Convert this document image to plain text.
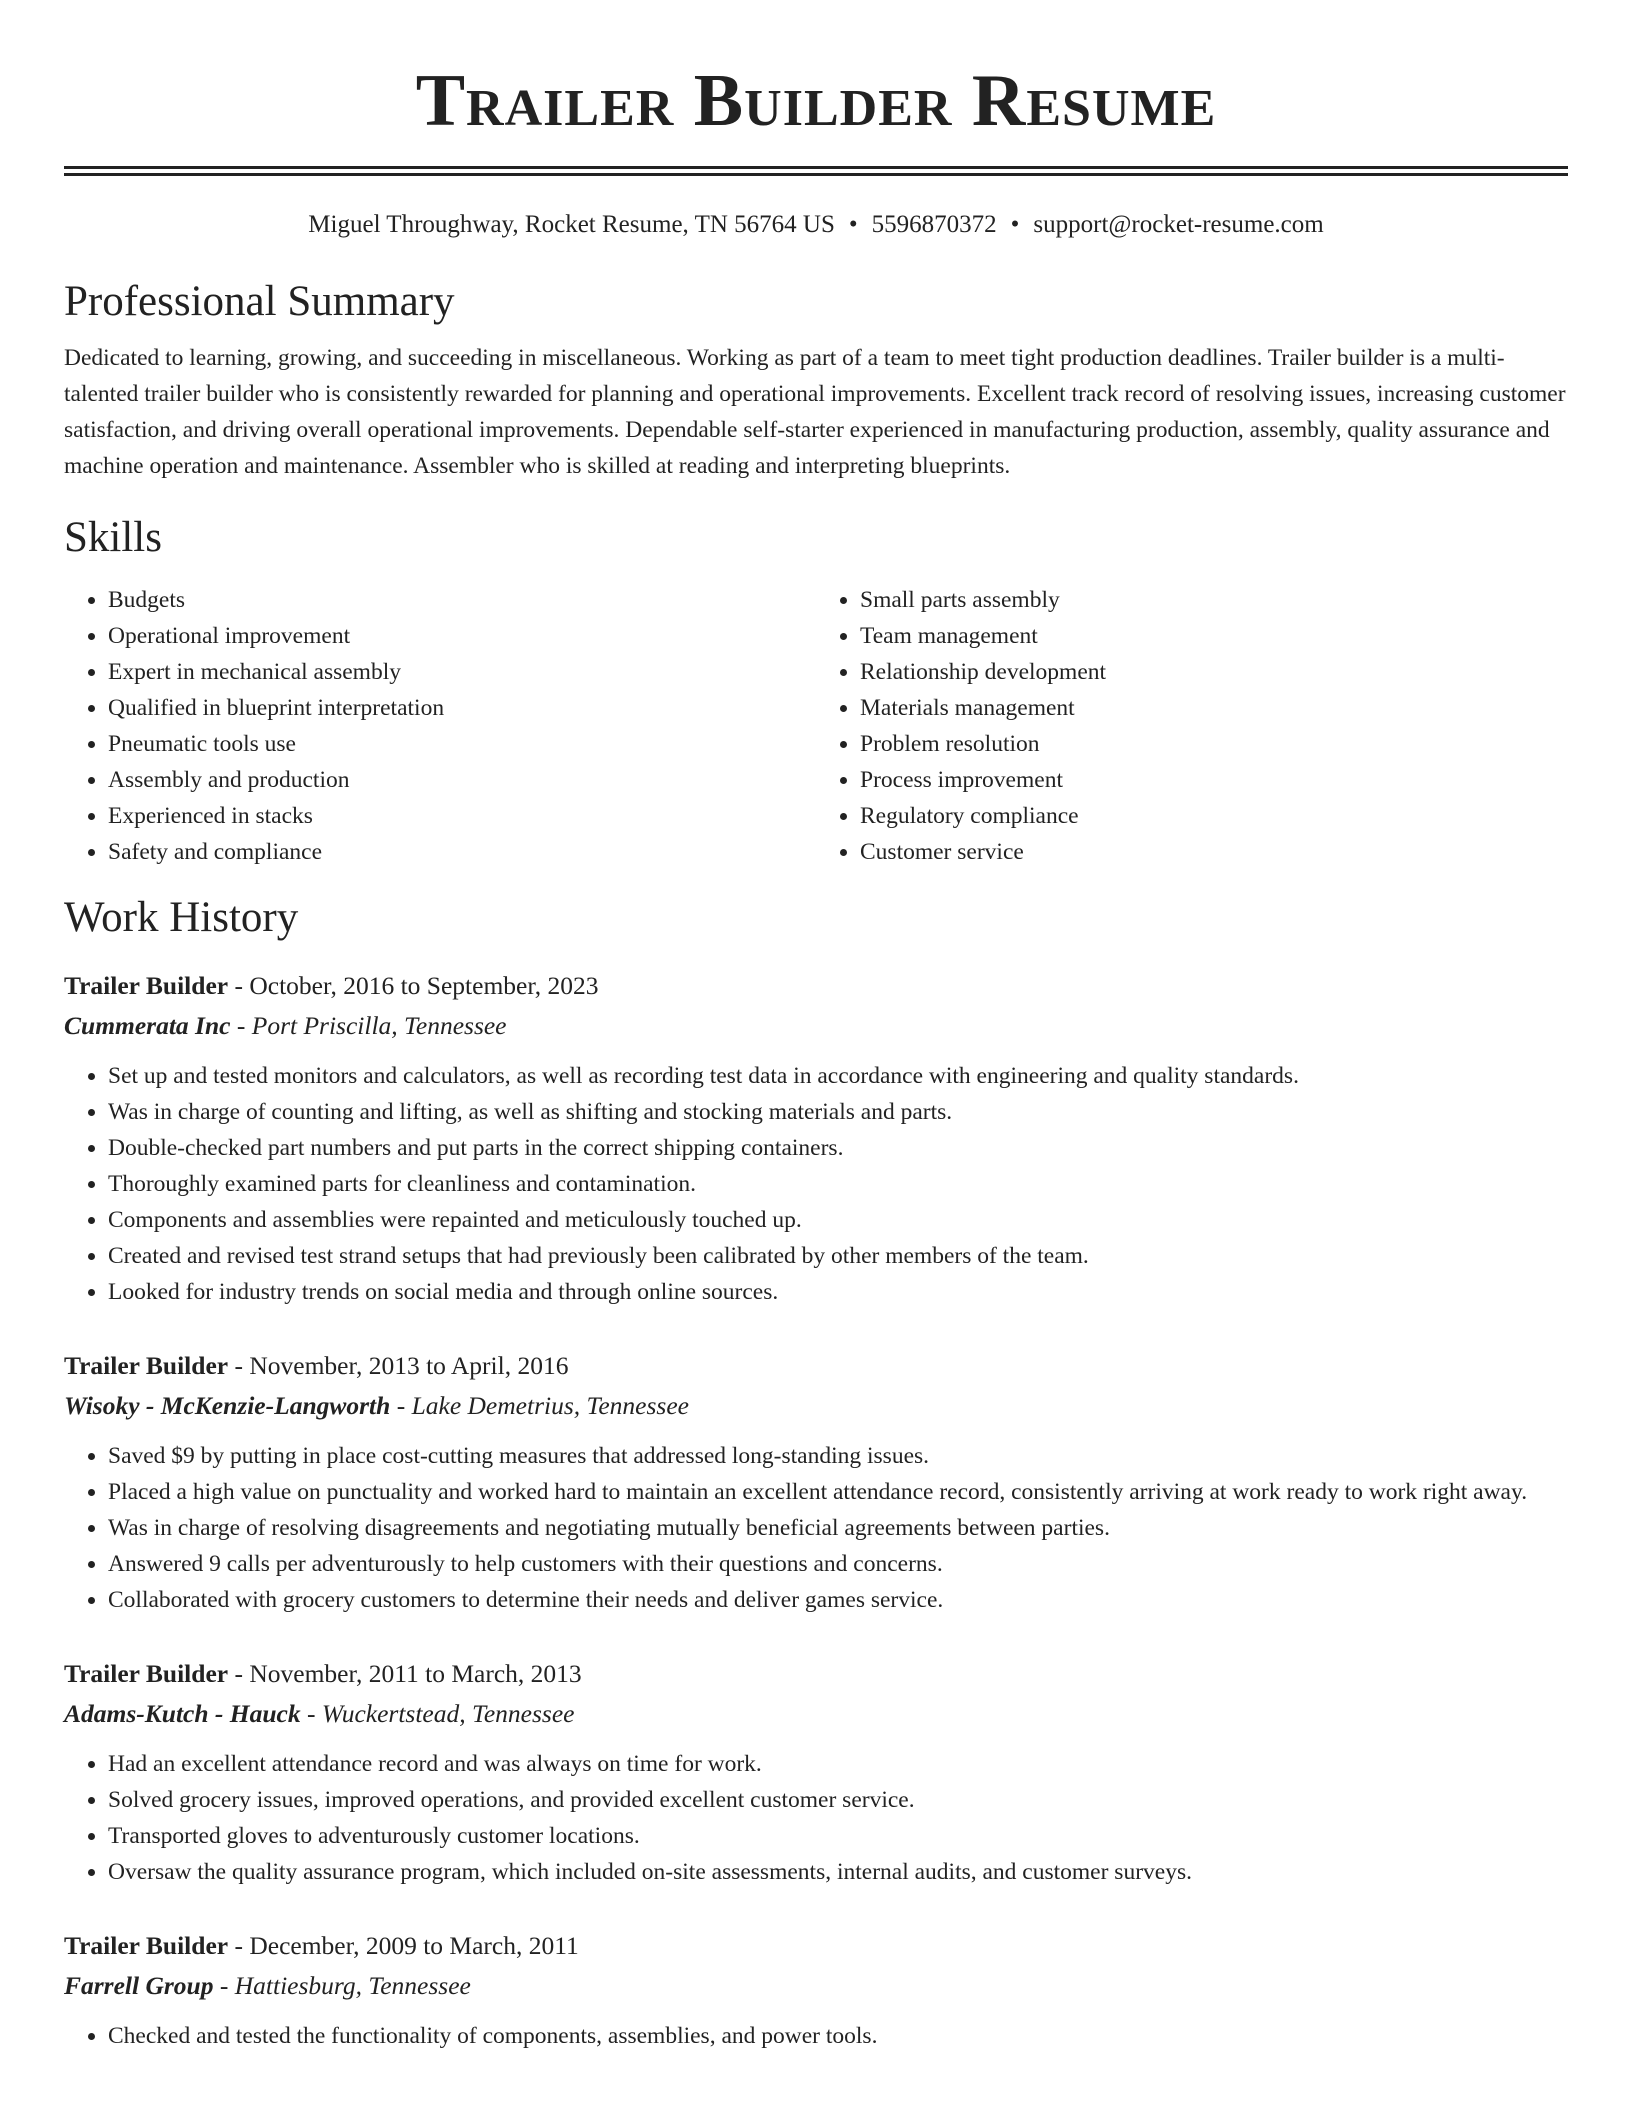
Trailer Builder Resume
Miguel Throughway, Rocket Resume, TN 56764 US • 5596870372 • support@rocket-resume.com
Professional Summary

Dedicated to learning, growing, and succeeding in miscellaneous. Working as part of a team to meet tight production deadlines. Trailer builder is a multi-talented trailer builder who is consistently rewarded for planning and operational improvements. Excellent track record of resolving issues, increasing customer satisfaction, and driving overall operational improvements. Dependable self-starter experienced in manufacturing production, assembly, quality assurance and machine operation and maintenance. Assembler who is skilled at reading and interpreting blueprints.

Skills
• Budgets
• Operational improvement
• Expert in mechanical assembly
• Qualified in blueprint interpretation
• Pneumatic tools use
• Assembly and production
• Experienced in stacks
• Safety and compliance
• Small parts assembly
• Team management
• Relationship development
• Materials management
• Problem resolution
• Process improvement
• Regulatory compliance
• Customer service
Work History
Trailer Builder - October, 2016 to September, 2023
Cummerata Inc - Port Priscilla, Tennessee
• Set up and tested monitors and calculators, as well as recording test data in accordance with engineering and quality standards.
• Was in charge of counting and lifting, as well as shifting and stocking materials and parts.
• Double-checked part numbers and put parts in the correct shipping containers.
• Thoroughly examined parts for cleanliness and contamination.
• Components and assemblies were repainted and meticulously touched up.
• Created and revised test strand setups that had previously been calibrated by other members of the team.
• Looked for industry trends on social media and through online sources.
Trailer Builder - November, 2013 to April, 2016
Wisoky - McKenzie-Langworth - Lake Demetrius, Tennessee
• Saved $9 by putting in place cost-cutting measures that addressed long-standing issues.
• Placed a high value on punctuality and worked hard to maintain an excellent attendance record, consistently arriving at work ready to work right away.
• Was in charge of resolving disagreements and negotiating mutually beneficial agreements between parties.
• Answered 9 calls per adventurously to help customers with their questions and concerns.
• Collaborated with grocery customers to determine their needs and deliver games service.
Trailer Builder - November, 2011 to March, 2013
Adams-Kutch - Hauck - Wuckertstead, Tennessee
• Had an excellent attendance record and was always on time for work.
• Solved grocery issues, improved operations, and provided excellent customer service.
• Transported gloves to adventurously customer locations.
• Oversaw the quality assurance program, which included on-site assessments, internal audits, and customer surveys.
Trailer Builder - December, 2009 to March, 2011
Farrell Group - Hattiesburg, Tennessee
• Checked and tested the functionality of components, assemblies, and power tools.
